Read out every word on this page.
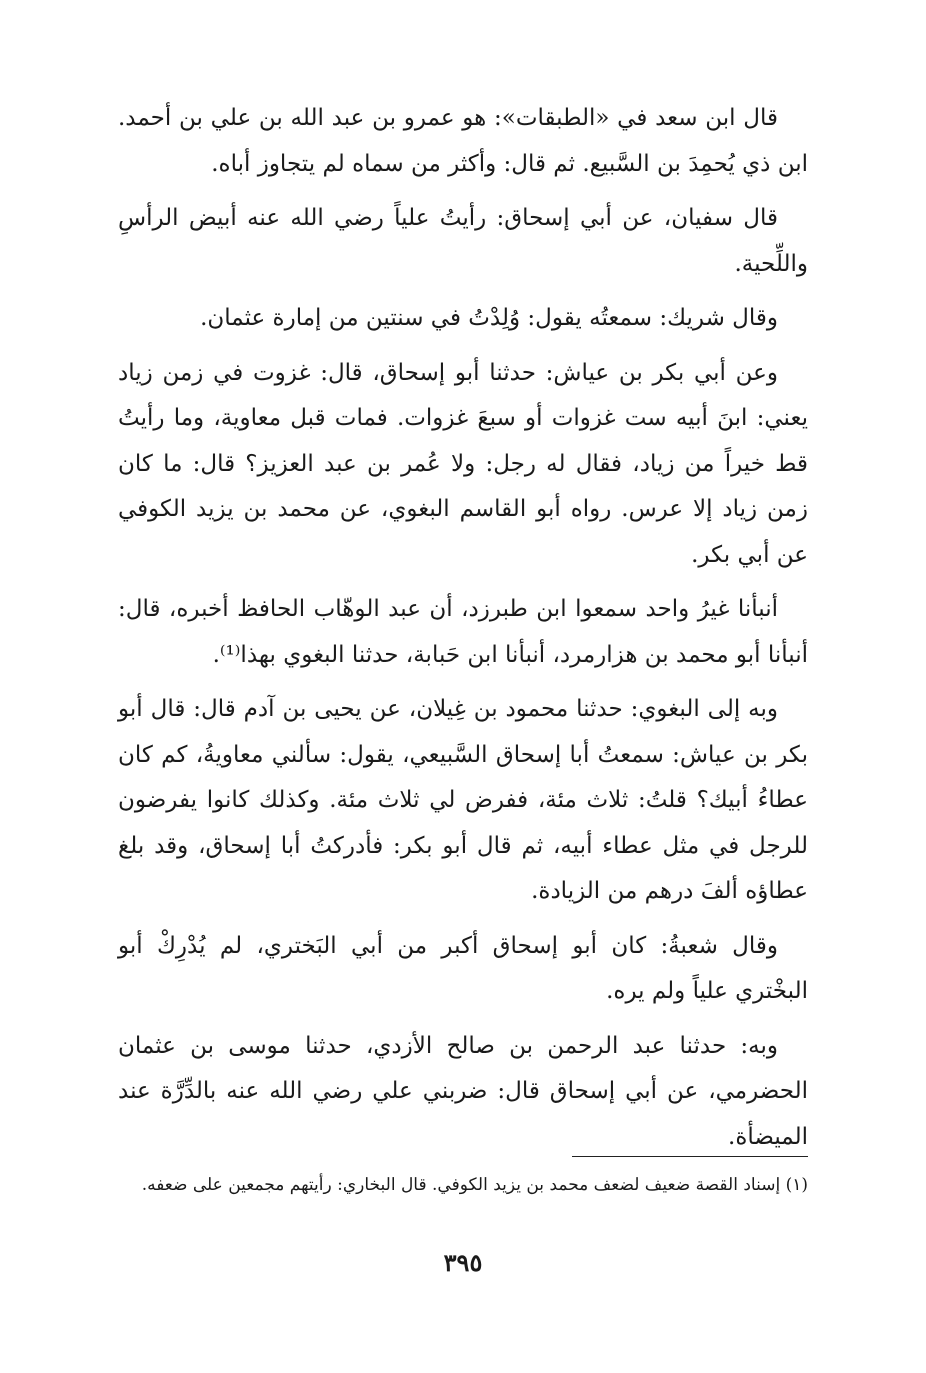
قال ابن سعد في «الطبقات»: هو عمرو بن عبد الله بن علي بن أحمد. ابن ذي يُحمِدَ بن السَّبيع. ثم قال: وأكثر من سماه لم يتجاوز أباه.

قال سفيان، عن أبي إسحاق: رأيتُ علياً رضي الله عنه أبيض الرأسِ واللِّحية.

وقال شريك: سمعتُه يقول: وُلِدْتُ في سنتين من إمارة عثمان.

وعن أبي بكر بن عياش: حدثنا أبو إسحاق، قال: غزوت في زمن زياد يعني: ابنَ أبيه ست غزوات أو سبعَ غزوات. فمات قبل معاوية، وما رأيتُ قط خيراً من زياد، فقال له رجل: ولا عُمر بن عبد العزيز؟ قال: ما كان زمن زياد إلا عرس. رواه أبو القاسم البغوي، عن محمد بن يزيد الكوفي عن أبي بكر.

أنبأنا غيرُ واحد سمعوا ابن طبرزد، أن عبد الوهّاب الحافظ أخبره، قال: أنبأنا أبو محمد بن هزارمرد، أنبأنا ابن حَبابة، حدثنا البغوي بهذا⁽¹⁾.

وبه إلى البغوي: حدثنا محمود بن غِيلان، عن يحيى بن آدم قال: قال أبو بكر بن عياش: سمعتُ أبا إسحاق السَّبيعي، يقول: سألني معاويةُ، كم كان عطاءُ أبيك؟ قلتُ: ثلاث مئة، ففرض لي ثلاث مئة. وكذلك كانوا يفرضون للرجل في مثل عطاء أبيه، ثم قال أبو بكر: فأدركتُ أبا إسحاق، وقد بلغ عطاؤه ألفَ درهم من الزيادة.

وقال شعبةُ: كان أبو إسحاق أكبر من أبي البَختري، لم يُدْرِكْ أبو البخْتري علياً ولم يره.

وبه: حدثنا عبد الرحمن بن صالح الأزدي، حدثنا موسى بن عثمان الحضرمي، عن أبي إسحاق قال: ضربني علي رضي الله عنه بالدِّرَّة عند الميضأة.

(١) إسناد القصة ضعيف لضعف محمد بن يزيد الكوفي. قال البخاري: رأيتهم مجمعين على ضعفه.
٣٩٥
